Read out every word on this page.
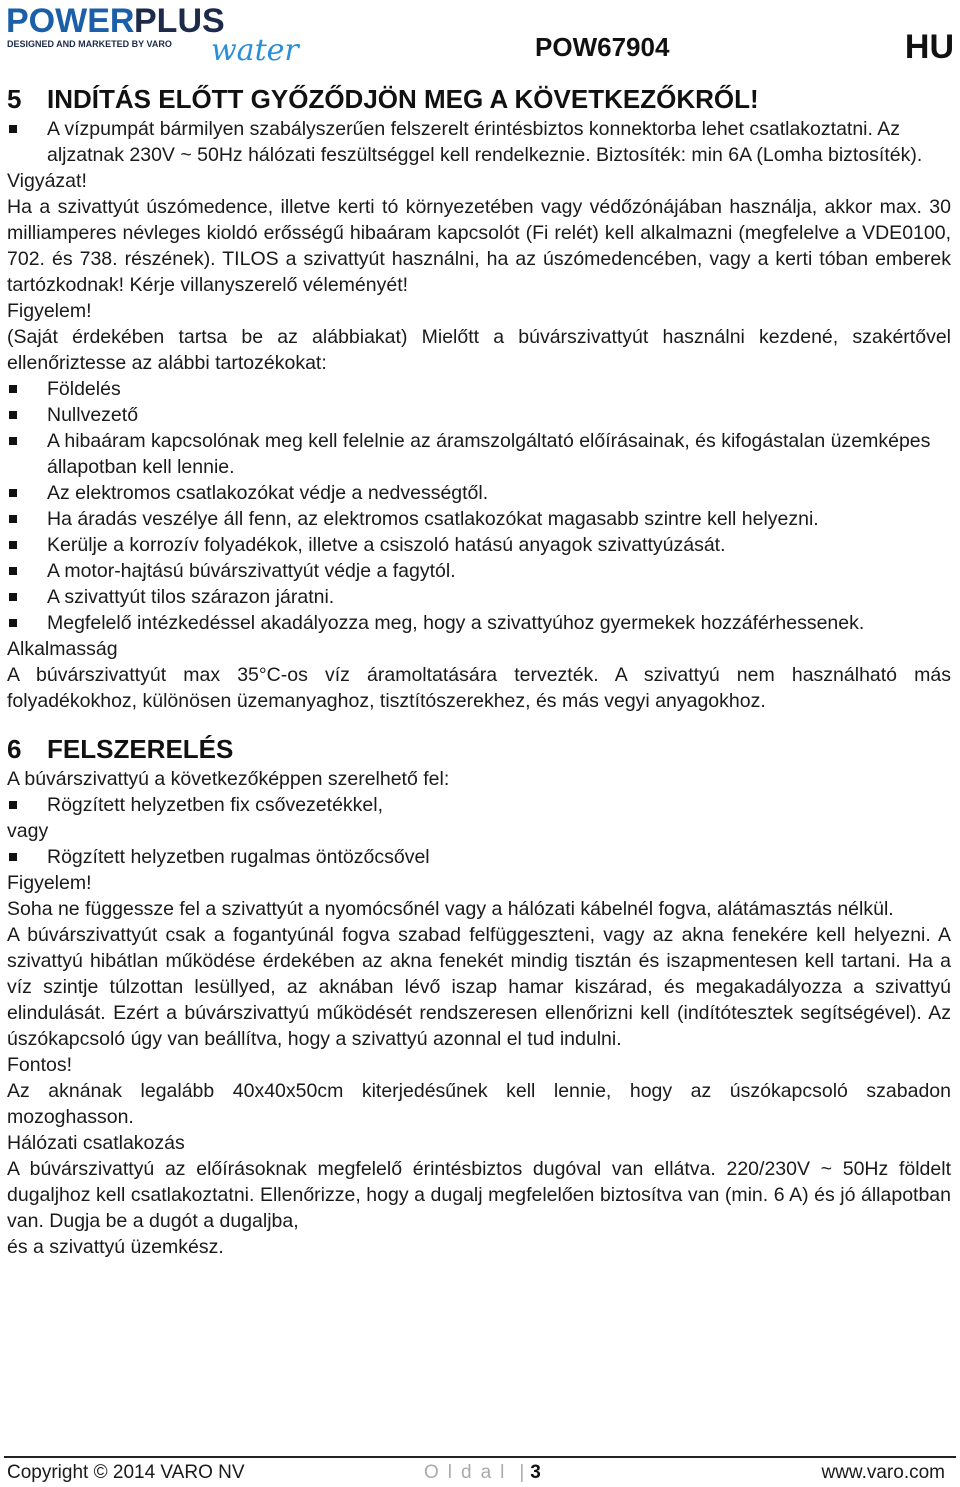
POWER PLUS
DESIGNED AND MARKETED BY VARO water	POW67904	HU
5 INDÍTÁS ELŐTT GYŐZŐDJÖN MEG A KÖVETKEZŐKRŐL!
A vízpumpát bármilyen szabályszerűen felszerelt érintésbiztos konnektorba lehet csatlakoztatni. Az aljzatnak 230V ~ 50Hz hálózati feszültséggel kell rendelkeznie. Biztosíték: min 6A (Lomha biztosíték).

Vigyázat!

Ha a szivattyút úszómedence, illetve kerti tó környezetében vagy védőzónájában használja, akkor max. 30 milliamperes névleges kioldó erősségű hibaáram kapcsolót (Fi relét) kell alkalmazni (megfelelve a VDE0100, 702. és 738. részének). TILOS a szivattyút használni, ha az úszómedencében, vagy a kerti tóban emberek tartózkodnak! Kérje villanyszerelő véleményét!

Figyelem!

(Saját érdekében tartsa be az alábbiakat) Mielőtt a búvárszivattyút használni kezdené, szakértővel ellenőriztesse az alábbi tartozékokat:

Földelés
Nullvezető
A hibaáram kapcsolónak meg kell felelnie az áramszolgáltató előírásainak, és kifogástalan üzemképes állapotban kell lennie.
Az elektromos csatlakozókat védje a nedvességtől.
Ha áradás veszélye áll fenn, az elektromos csatlakozókat magasabb szintre kell helyezni.
Kerülje a korrozív folyadékok, illetve a csiszoló hatású anyagok szivattyúzását.
A motor-hajtású búvárszivattyút védje a fagytól.
A szivattyút tilos szárazon járatni.
Megfelelő intézkedéssel akadályozza meg, hogy a szivattyúhoz gyermekek hozzáférhessenek.

Alkalmasság

A búvárszivattyút max 35°C-os víz áramoltatására tervezték. A szivattyú nem használható más folyadékokhoz, különösen üzemanyaghoz, tisztítószerekhez, és más vegyi anyagokhoz.

6 FELSZERELÉS

A búvárszivattyú a következőképpen szerelhető fel:

Rögzített helyzetben fix csővezetékkel,

vagy

Rögzített helyzetben rugalmas öntözőcsővel

Figyelem!

Soha ne függessze fel a szivattyút a nyomócsőnél vagy a hálózati kábelnél fogva, alátámasztás nélkül.

A búvárszivattyút csak a fogantyúnál fogva szabad felfüggeszteni, vagy az akna fenekére kell helyezni. A szivattyú hibátlan működése érdekében az akna fenekét mindig tisztán és iszapmentesen kell tartani. Ha a víz szintje túlzottan lesüllyed, az aknában lévő iszap hamar kiszárad, és megakadályozza a szivattyú elindulását. Ezért a búvárszivattyú működését rendszeresen ellenőrizni kell (indítótesztek segítségével). Az úszókapcsoló úgy van beállítva, hogy a szivattyú azonnal el tud indulni.

Fontos!

Az aknának legalább 40x40x50cm kiterjedésűnek kell lennie, hogy az úszókapcsoló szabadon mozoghasson.

Hálózati csatlakozás

A búvárszivattyú az előírásoknak megfelelő érintésbiztos dugóval van ellátva. 220/230V ~ 50Hz földelt dugaljhoz kell csatlakoztatni. Ellenőrizze, hogy a dugalj megfelelően biztosítva van (min. 6 A) és jó állapotban van. Dugja be a dugót a dugaljba,

és a szivattyú üzemkész.

Copyright © 2014 VARO NV	Oldal | 3	www.varo.com
